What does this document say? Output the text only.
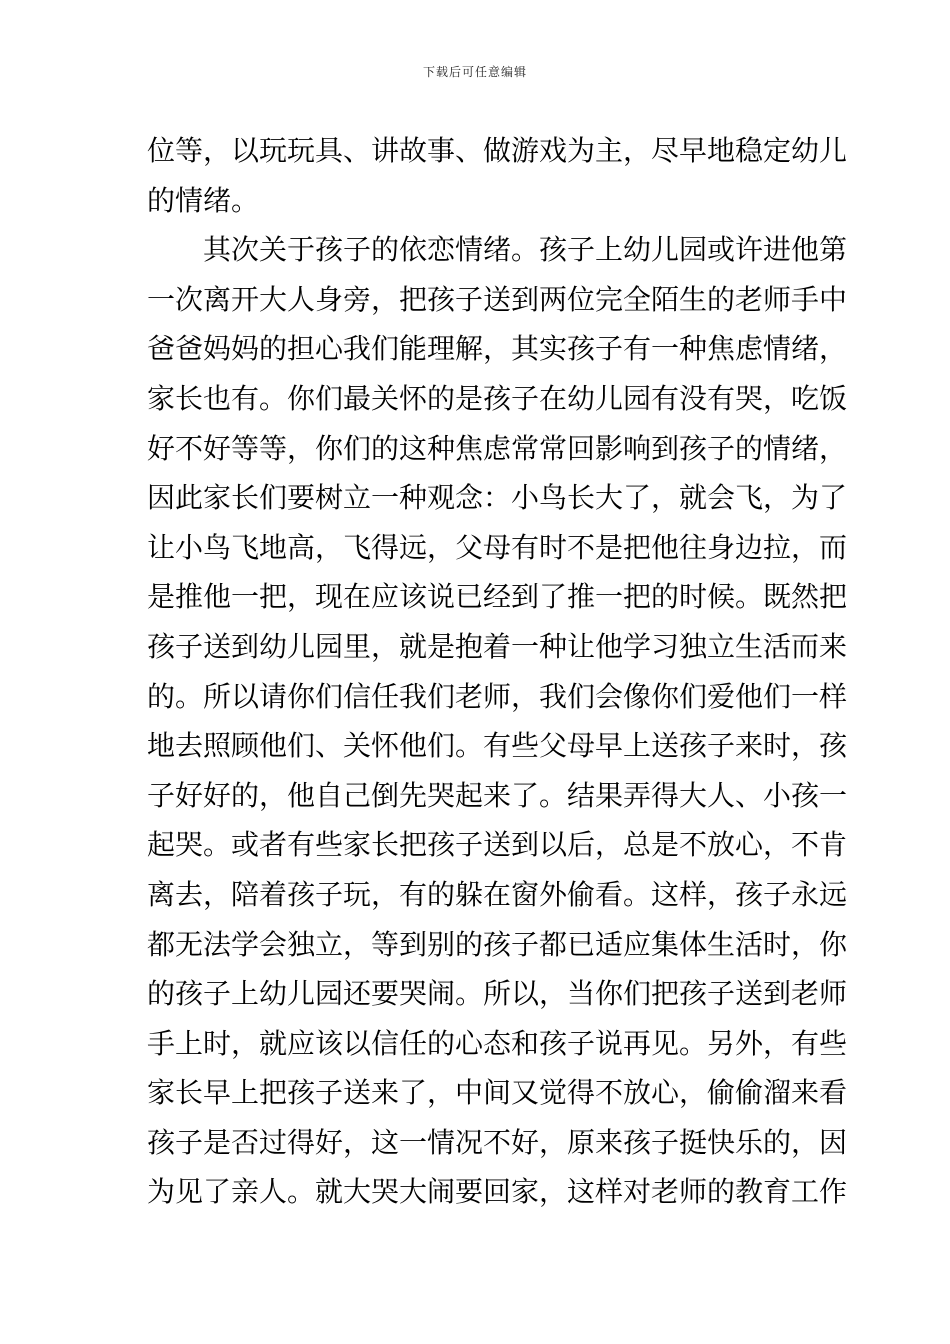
下载后可任意编辑
位等，以玩玩具、讲故事、做游戏为主，尽早地稳定幼儿
的情绪。
　　其次关于孩子的依恋情绪。孩子上幼儿园或许进他第
一次离开大人身旁，把孩子送到两位完全陌生的老师手中
爸爸妈妈的担心我们能理解，其实孩子有一种焦虑情绪，
家长也有。你们最关怀的是孩子在幼儿园有没有哭，吃饭
好不好等等，你们的这种焦虑常常回影响到孩子的情绪，
因此家长们要树立一种观念：小鸟长大了，就会飞，为了
让小鸟飞地高，飞得远，父母有时不是把他往身边拉，而
是推他一把，现在应该说已经到了推一把的时候。既然把
孩子送到幼儿园里，就是抱着一种让他学习独立生活而来
的。所以请你们信任我们老师，我们会像你们爱他们一样
地去照顾他们、关怀他们。有些父母早上送孩子来时，孩
子好好的，他自己倒先哭起来了。结果弄得大人、小孩一
起哭。或者有些家长把孩子送到以后，总是不放心，不肯
离去，陪着孩子玩，有的躲在窗外偷看。这样，孩子永远
都无法学会独立，等到别的孩子都已适应集体生活时，你
的孩子上幼儿园还要哭闹。所以，当你们把孩子送到老师
手上时，就应该以信任的心态和孩子说再见。另外，有些
家长早上把孩子送来了，中间又觉得不放心，偷偷溜来看
孩子是否过得好，这一情况不好，原来孩子挺快乐的，因
为见了亲人。就大哭大闹要回家，这样对老师的教育工作
